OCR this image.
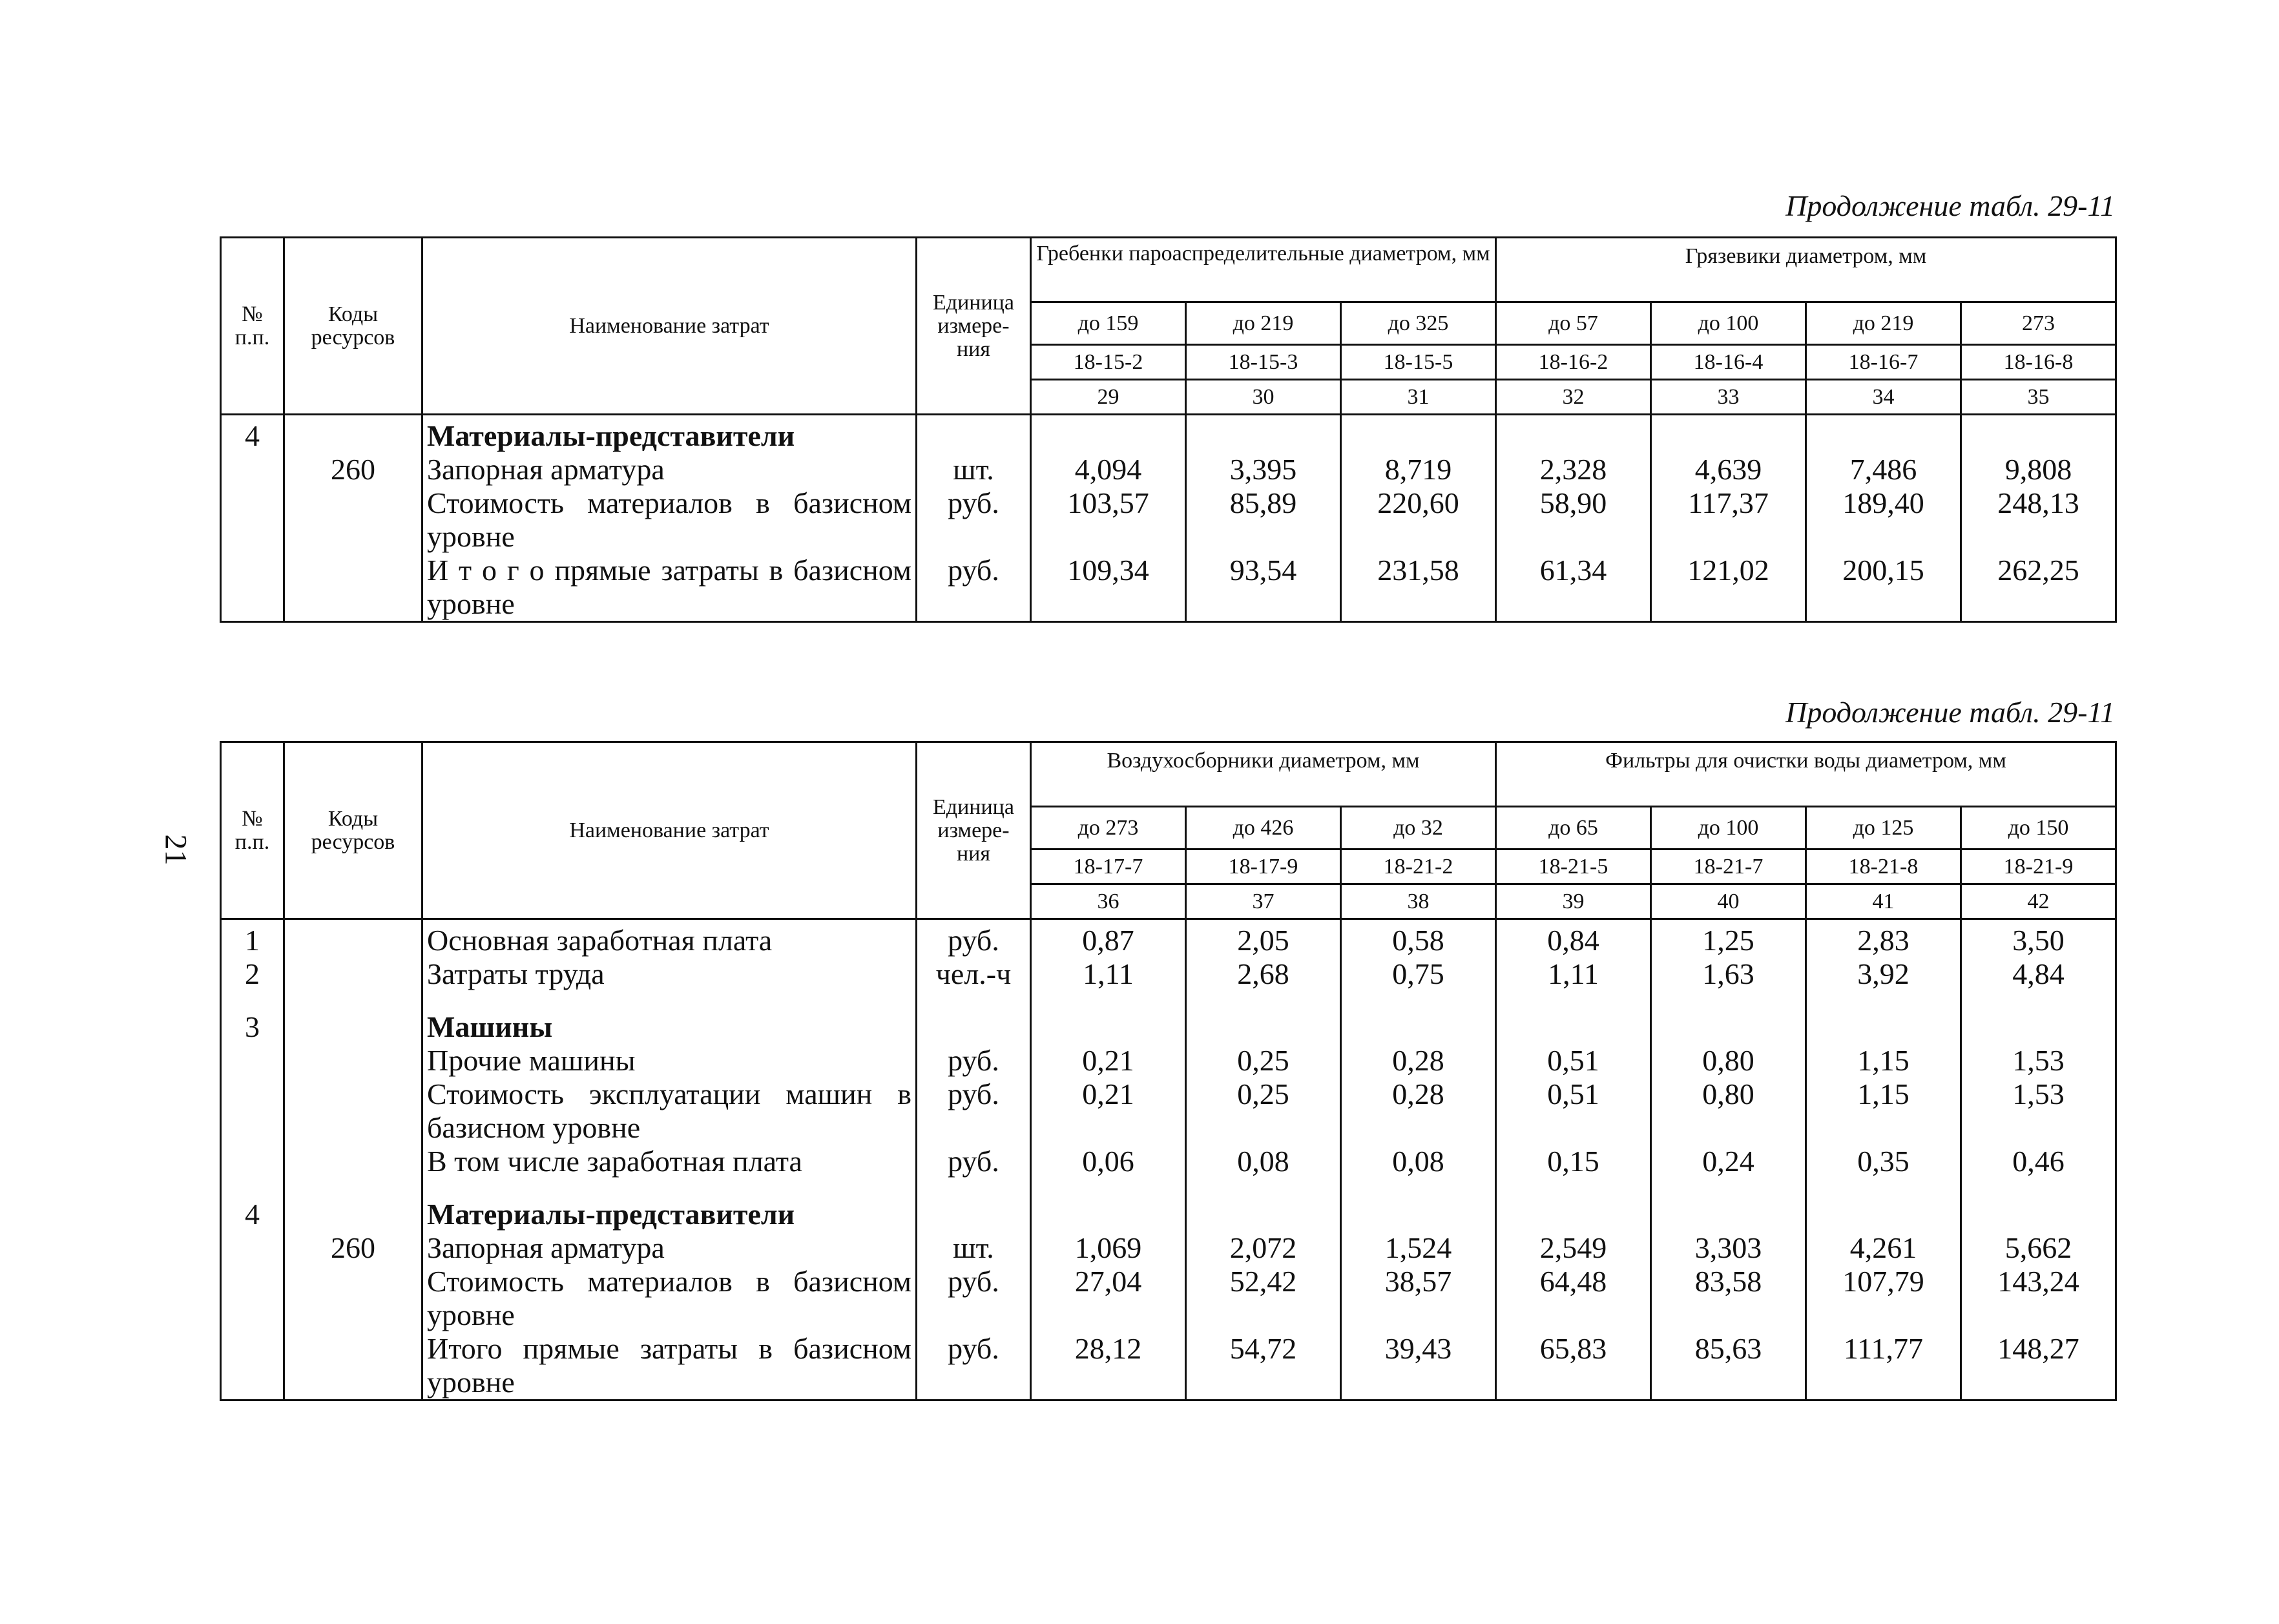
Продолжение табл. 29-11
№ п.п.	Коды ресурсов	Наименование затрат	Единица измере- ния	Гребенки пароаспределительные диаметром, мм			Грязевики диаметром, мм			
				до 159	до 219	до 325	до 57	до 100	до 219	273
				18-15-2	18-15-3	18-15-5	18-16-2	18-16-4	18-16-7	18-16-8
				29	30	31	32	33	34	35
4		Материалы-представители								
	260	Запорная арматура	шт.	4,094	3,395	8,719	2,328	4,639	7,486	9,808
		Стоимость материалов в базисном уровне	руб.	103,57	85,89	220,60	58,90	117,37	189,40	248,13
		И т о г о прямые затраты в базисном уровне	руб.	109,34	93,54	231,58	61,34	121,02	200,15	262,25
Продолжение табл. 29-11
21
№ п.п.	Коды ресурсов	Наименование затрат	Единица измере- ния	Воздухосборники диаметром, мм			Фильтры для очистки воды диаметром, мм			
				до 273	до 426	до 32	до 65	до 100	до 125	до 150
				18-17-7	18-17-9	18-21-2	18-21-5	18-21-7	18-21-8	18-21-9
				36	37	38	39	40	41	42
1		Основная заработная плата	руб.	0,87	2,05	0,58	0,84	1,25	2,83	3,50
2		Затраты труда	чел.-ч	1,11	2,68	0,75	1,11	1,63	3,92	4,84
3		Машины								
		Прочие машины	руб.	0,21	0,25	0,28	0,51	0,80	1,15	1,53
		Стоимость эксплуатации машин в базисном уровне	руб.	0,21	0,25	0,28	0,51	0,80	1,15	1,53
		В том числе заработная плата	руб.	0,06	0,08	0,08	0,15	0,24	0,35	0,46
4		Материалы-представители								
	260	Запорная арматура	шт.	1,069	2,072	1,524	2,549	3,303	4,261	5,662
		Стоимость материалов в базисном уровне	руб.	27,04	52,42	38,57	64,48	83,58	107,79	143,24
		Итого прямые затраты в базисном уровне	руб.	28,12	54,72	39,43	65,83	85,63	111,77	148,27
